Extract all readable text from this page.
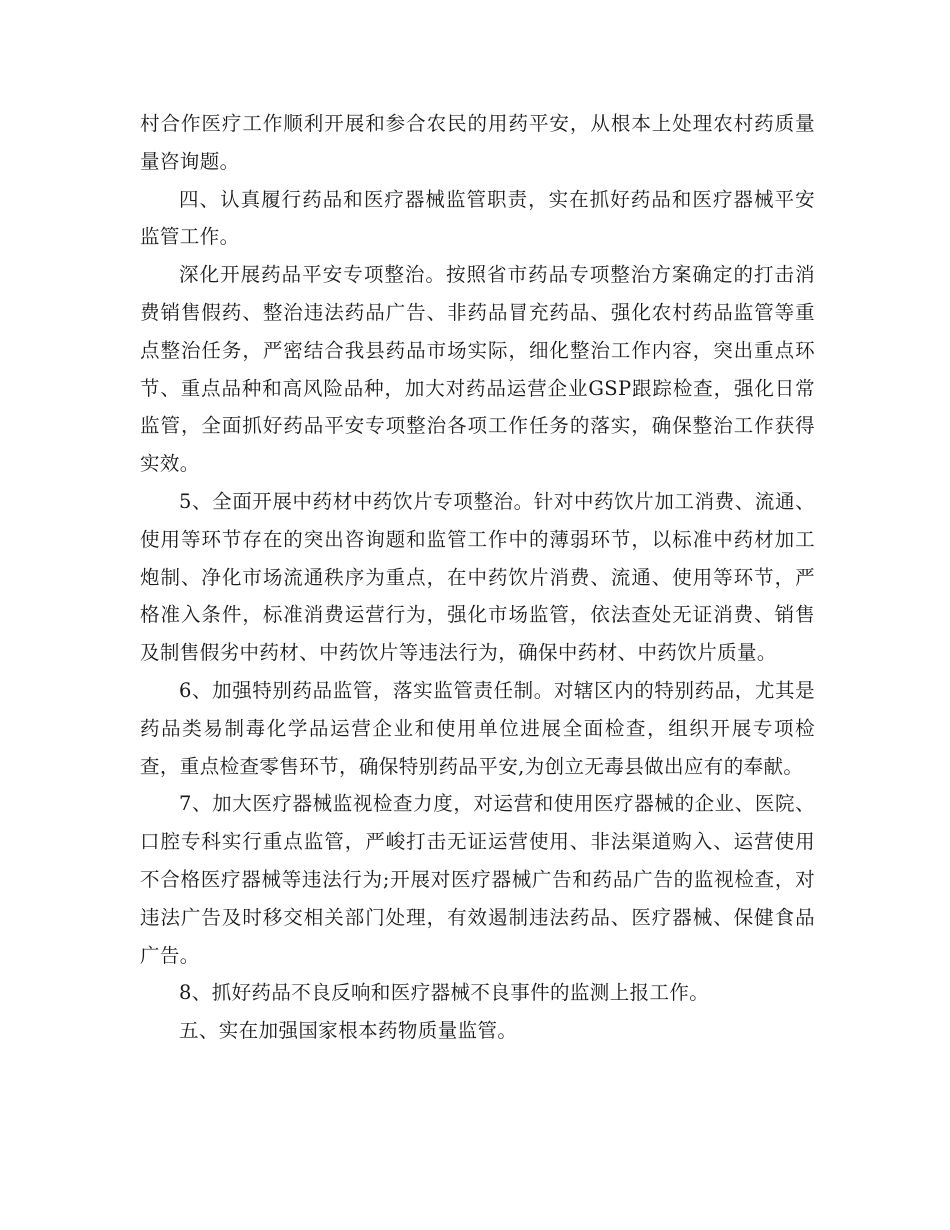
村合作医疗工作顺利开展和参合农民的用药平安，从根本上处理农村药质量量咨询题。

四、认真履行药品和医疗器械监管职责，实在抓好药品和医疗器械平安监管工作。

深化开展药品平安专项整治。按照省市药品专项整治方案确定的打击消费销售假药、整治违法药品广告、非药品冒充药品、强化农村药品监管等重点整治任务，严密结合我县药品市场实际，细化整治工作内容，突出重点环节、重点品种和高风险品种，加大对药品运营企业GSP跟踪检查，强化日常监管，全面抓好药品平安专项整治各项工作任务的落实，确保整治工作获得实效。

5、全面开展中药材中药饮片专项整治。针对中药饮片加工消费、流通、使用等环节存在的突出咨询题和监管工作中的薄弱环节，以标准中药材加工炮制、净化市场流通秩序为重点，在中药饮片消费、流通、使用等环节，严格准入条件，标准消费运营行为，强化市场监管，依法查处无证消费、销售及制售假劣中药材、中药饮片等违法行为，确保中药材、中药饮片质量。

6、加强特别药品监管，落实监管责任制。对辖区内的特别药品，尤其是药品类易制毒化学品运营企业和使用单位进展全面检查，组织开展专项检查，重点检查零售环节，确保特别药品平安,为创立无毒县做出应有的奉献。

7、加大医疗器械监视检查力度，对运营和使用医疗器械的企业、医院、口腔专科实行重点监管，严峻打击无证运营使用、非法渠道购入、运营使用不合格医疗器械等违法行为;开展对医疗器械广告和药品广告的监视检查，对违法广告及时移交相关部门处理，有效遏制违法药品、医疗器械、保健食品广告。

8、抓好药品不良反响和医疗器械不良事件的监测上报工作。

五、实在加强国家根本药物质量监管。
